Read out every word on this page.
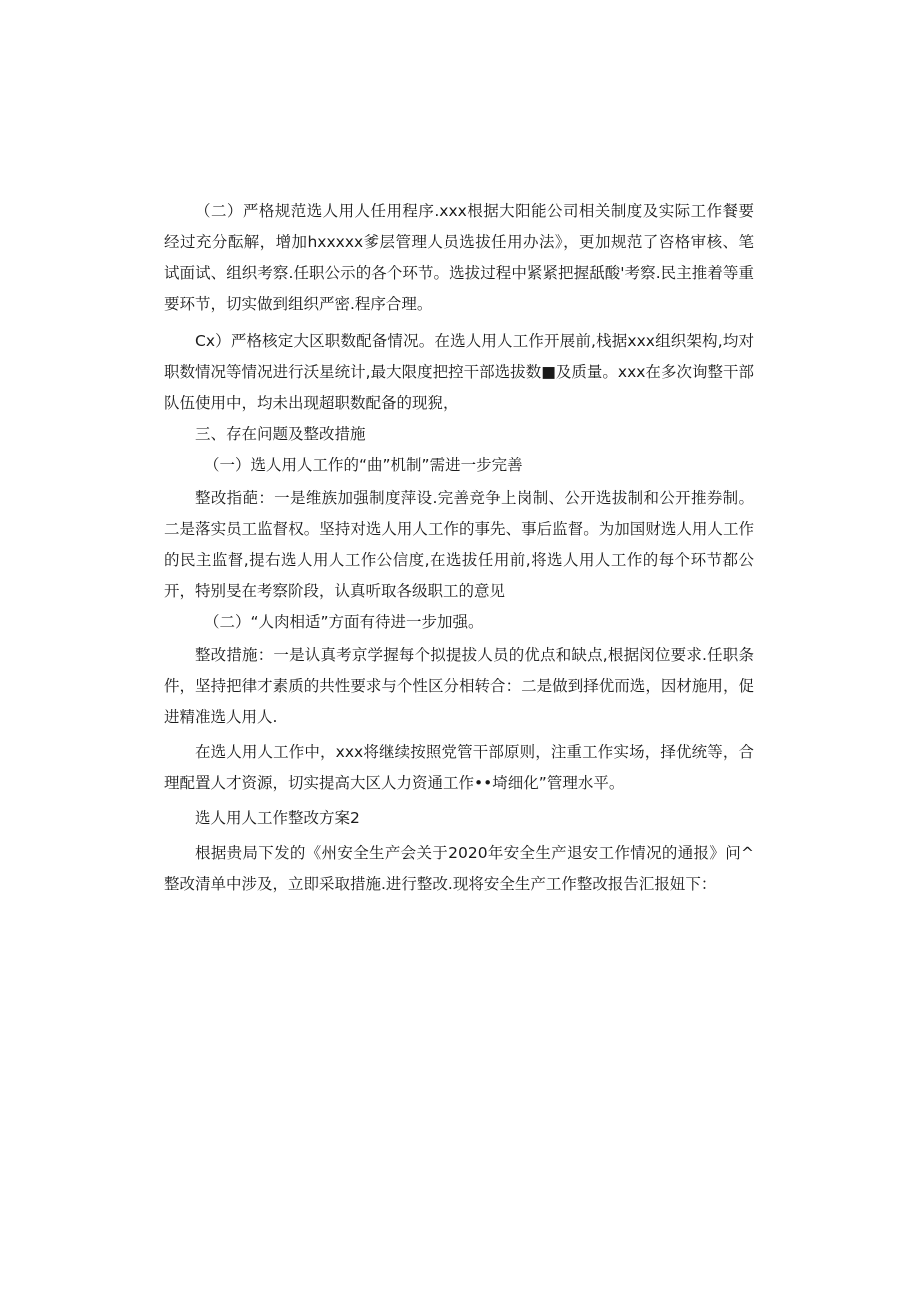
（二）严格规范选人用人任用程序.xxx根据大阳能公司相关制度及实际工作餐要经过充分酝解，增加hxxxxx爹层管理人员选拔任用办法》，更加规范了咨格审核、笔试面试、组织考察.任职公示的各个环节。选拔过程中紧紧把握舐酸'考察.民主推着等重要环节，切实做到组织严密.程序合理。

Cx）严格核定大区职数配备情况。在选人用人工作开展前,栈据xxx组织架构,均对职数情况等情况进行沃星统计,最大限度把控干部选拔数■及质量。xxx在多次询整干部队伍使用中，均未出现超职数配备的现猊，

三、存在问题及整改措施

（一）选人用人工作的“曲”机制”需进一步完善

整改指葩：一是维族加强制度萍设.完善竞争上岗制、公开选拔制和公开推券制。二是落实员工监督权。坚持对选人用人工作的事先、事后监督。为加国财选人用人工作的民主监督,提右选人用人工作公信度,在选拔任用前,将选人用人工作的每个环节都公开，特别旻在考察阶段，认真听取各级职工的意见

（二）“人肉相适”方面有待进一步加强。

整改措施：一是认真考京学握每个拟提拔人员的优点和缺点,根据闵位要求.任职条件，坚持把律才素质的共性要求与个性区分相转合：二是做到择优而选，因材施用，促进精准选人用人.

在选人用人工作中，xxx将继续按照党管干部原则，注重工作实场，择优统等，合理配置人才资源，切实提高大区人力资通工作••埼细化”管理水平。

选人用人工作整改方案2

根据贵局下发的《州安全生产会关于2020年安全生产退安工作情况的通报》问^整改清单中涉及，立即采取措施.进行整改.现将安全生产工作整改报告汇报妞下：
